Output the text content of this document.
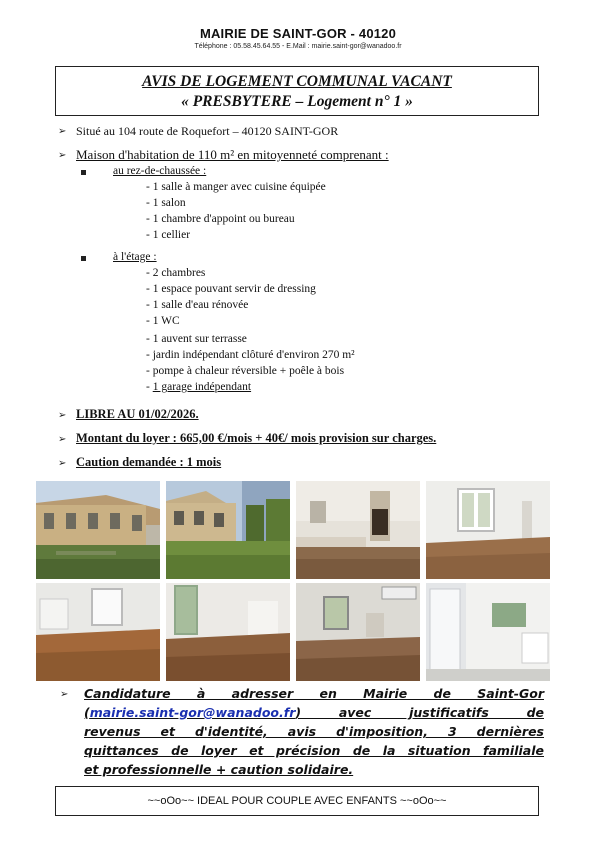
MAIRIE DE SAINT-GOR - 40120
Téléphone : 05.58.45.64.55 - E.Mail : mairie.saint-gor@wanadoo.fr
AVIS DE LOGEMENT COMMUNAL VACANT
« PRESBYTERE – Logement n° 1 »
➢ Situé au 104 route de Roquefort – 40120 SAINT-GOR
➢ Maison d'habitation de 110 m² en mitoyenneté comprenant :
au rez-de-chaussée :
- 1 salle à manger avec cuisine équipée
- 1 salon
- 1 chambre d'appoint ou bureau
- 1 cellier
à l'étage :
- 2 chambres
- 1 espace pouvant servir de dressing
- 1 salle d'eau rénovée
- 1 WC
- 1 auvent sur terrasse
- jardin indépendant clôturé d'environ 270 m²
- pompe à chaleur réversible + poêle à bois
- 1 garage indépendant
➢ LIBRE AU 01/02/2026.
➢ Montant du loyer : 665,00 €/mois + 40€/ mois provision sur charges.
➢ Caution demandée : 1 mois
➢ Candidature à adresser en Mairie de Saint-Gor
(mairie.saint-gor@wanadoo.fr) avec justificatifs de
revenus et d'identité, avis d'imposition, 3 dernières
quittances de loyer et précision de la situation familiale
et professionnelle + caution solidaire.
~~oOo~~ IDEAL POUR COUPLE AVEC ENFANTS ~~oOo~~
